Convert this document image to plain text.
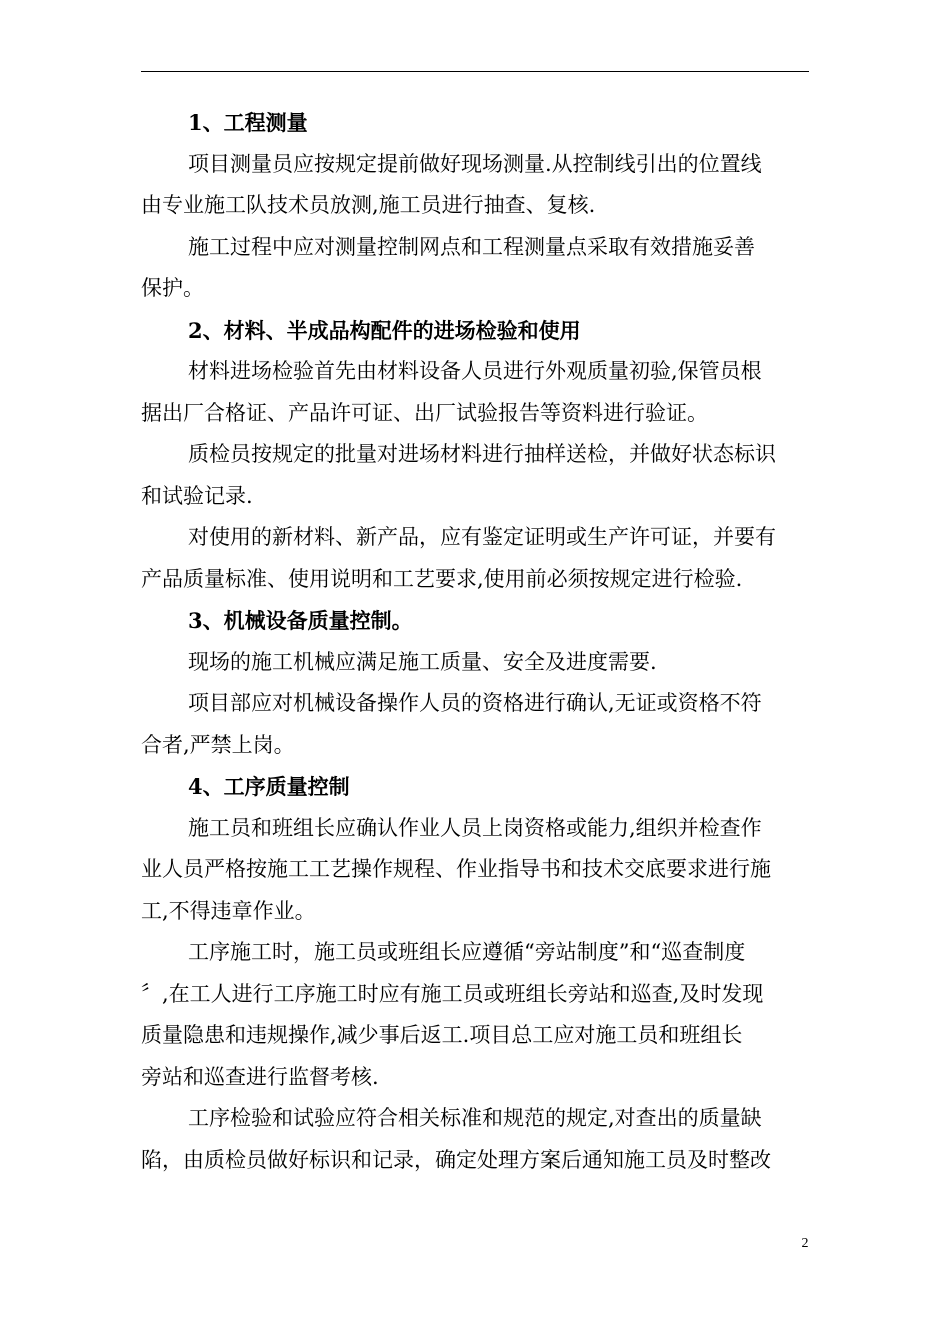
1、工程测量
项目测量员应按规定提前做好现场测量.从控制线引出的位置线
由专业施工队技术员放测,施工员进行抽查、复核.
施工过程中应对测量控制网点和工程测量点采取有效措施妥善
保护。
2、材料、半成品构配件的进场检验和使用
材料进场检验首先由材料设备人员进行外观质量初验,保管员根
据出厂合格证、产品许可证、出厂试验报告等资料进行验证。
质检员按规定的批量对进场材料进行抽样送检，并做好状态标识
和试验记录.
对使用的新材料、新产品，应有鉴定证明或生产许可证，并要有
产品质量标准、使用说明和工艺要求,使用前必须按规定进行检验.
3、机械设备质量控制。
现场的施工机械应满足施工质量、安全及进度需要.
项目部应对机械设备操作人员的资格进行确认,无证或资格不符
合者,严禁上岗。
4、工序质量控制
施工员和班组长应确认作业人员上岗资格或能力,组织并检查作
业人员严格按施工工艺操作规程、作业指导书和技术交底要求进行施
工,不得违章作业。
工序施工时，施工员或班组长应遵循“旁站制度”和“巡查制度
〞,在工人进行工序施工时应有施工员或班组长旁站和巡查,及时发现
质量隐患和违规操作,减少事后返工.项目总工应对施工员和班组长
旁站和巡查进行监督考核.
工序检验和试验应符合相关标准和规范的规定,对查出的质量缺
陷，由质检员做好标识和记录，确定处理方案后通知施工员及时整改
2
